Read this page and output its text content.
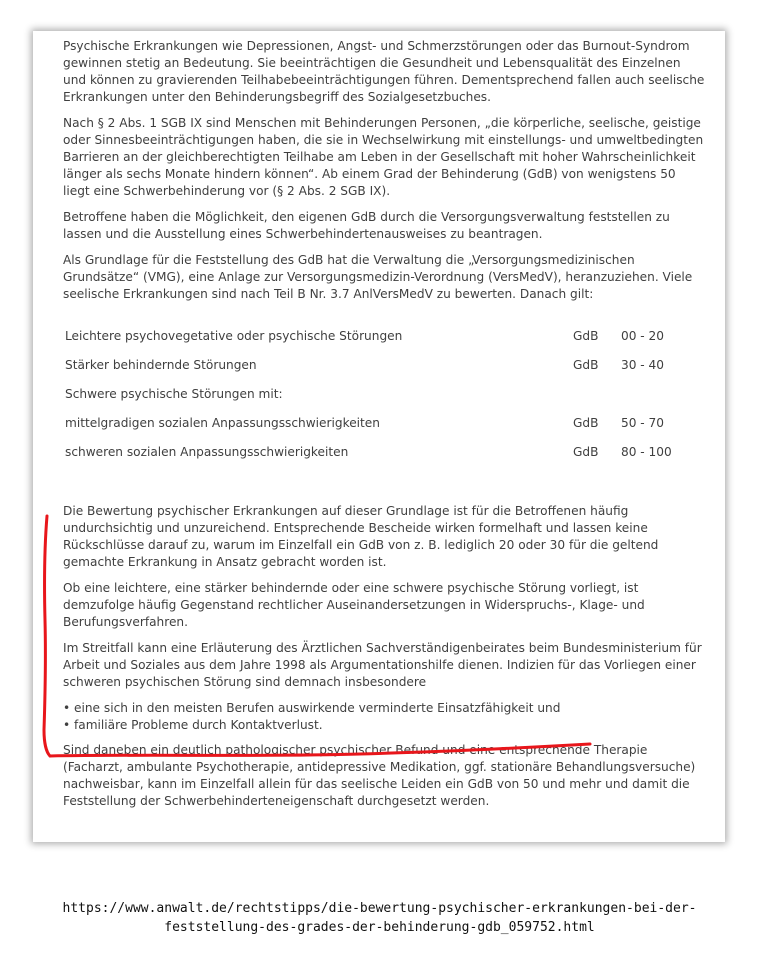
Psychische Erkrankungen wie Depressionen, Angst- und Schmerzstörungen oder das Burnout-Syndrom gewinnen stetig an Bedeutung. Sie beeinträchtigen die Gesundheit und Lebensqualität des Einzelnen und können zu gravierenden Teilhabebeeinträchtigungen führen. Dementsprechend fallen auch seelische Erkrankungen unter den Behinderungsbegriff des Sozialgesetzbuches.

Nach § 2 Abs. 1 SGB IX sind Menschen mit Behinderungen Personen, „die körperliche, seelische, geistige oder Sinnesbeeinträchtigungen haben, die sie in Wechselwirkung mit einstellungs- und umweltbedingten Barrieren an der gleichberechtigten Teilhabe am Leben in der Gesellschaft mit hoher Wahrscheinlichkeit länger als sechs Monate hindern können“. Ab einem Grad der Behinderung (GdB) von wenigstens 50 liegt eine Schwerbehinderung vor (§ 2 Abs. 2 SGB IX).

Betroffene haben die Möglichkeit, den eigenen GdB durch die Versorgungsverwaltung feststellen zu lassen und die Ausstellung eines Schwerbehindertenausweises zu beantragen.

Als Grundlage für die Feststellung des GdB hat die Verwaltung die „Versorgungsmedizinischen Grundsätze“ (VMG), eine Anlage zur Versorgungsmedizin-Verordnung (VersMedV), heranzuziehen. Viele seelische Erkrankungen sind nach Teil B Nr. 3.7 AnlVersMedV zu bewerten. Danach gilt:

Leichtere psychovegetative oder psychische Störungen	GdB	00 - 20
Stärker behindernde Störungen	GdB	30 - 40
Schwere psychische Störungen mit:		
mittelgradigen sozialen Anpassungsschwierigkeiten	GdB	50 - 70
schweren sozialen Anpassungsschwierigkeiten	GdB	80 - 100

Die Bewertung psychischer Erkrankungen auf dieser Grundlage ist für die Betroffenen häufig undurchsichtig und unzureichend. Entsprechende Bescheide wirken formelhaft und lassen keine Rückschlüsse darauf zu, warum im Einzelfall ein GdB von z. B. lediglich 20 oder 30 für die geltend gemachte Erkrankung in Ansatz gebracht worden ist.

Ob eine leichtere, eine stärker behindernde oder eine schwere psychische Störung vorliegt, ist demzufolge häufig Gegenstand rechtlicher Auseinandersetzungen in Widerspruchs-, Klage- und Berufungsverfahren.

Im Streitfall kann eine Erläuterung des Ärztlichen Sachverständigenbeirates beim Bundesministerium für Arbeit und Soziales aus dem Jahre 1998 als Argumentationshilfe dienen. Indizien für das Vorliegen einer schweren psychischen Störung sind demnach insbesondere

• eine sich in den meisten Berufen auswirkende verminderte Einsatzfähigkeit und
• familiäre Probleme durch Kontaktverlust.

Sind daneben ein deutlich pathologischer psychischer Befund und eine entsprechende Therapie (Facharzt, ambulante Psychotherapie, antidepressive Medikation, ggf. stationäre Behandlungsversuche) nachweisbar, kann im Einzelfall allein für das seelische Leiden ein GdB von 50 und mehr und damit die Feststellung der Schwerbehinderteneigenschaft durchgesetzt werden.

https://www.anwalt.de/rechtstipps/die-bewertung-psychischer-erkrankungen-bei-der-
feststellung-des-grades-der-behinderung-gdb_059752.html
